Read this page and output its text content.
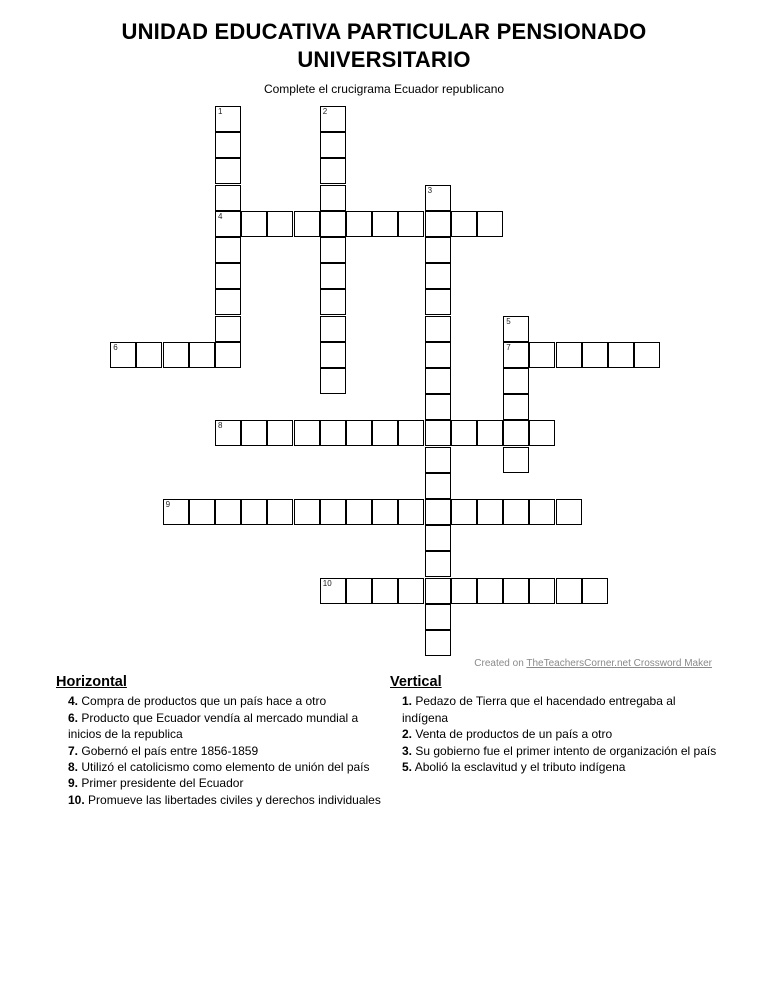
UNIDAD EDUCATIVA PARTICULAR PENSIONADO
UNIVERSITARIO
Complete el crucigrama Ecuador republicano
1
4
2
3
5
7
6
8
9
10
Created on TheTeachersCorner.net Crossword Maker
Horizontal
4. Compra de productos que un país hace a otro
6. Producto que Ecuador vendía al mercado mundial a inicios de la republica
7. Gobernó el país entre 1856-1859
8. Utilizó el catolicismo como elemento de unión del país
9. Primer presidente del Ecuador
10. Promueve las libertades civiles y derechos individuales
Vertical
1. Pedazo de Tierra que el hacendado entregaba al indígena
2. Venta de productos de un país a otro
3. Su gobierno fue el primer intento de organización el país
5. Abolió la esclavitud y el tributo indígena
